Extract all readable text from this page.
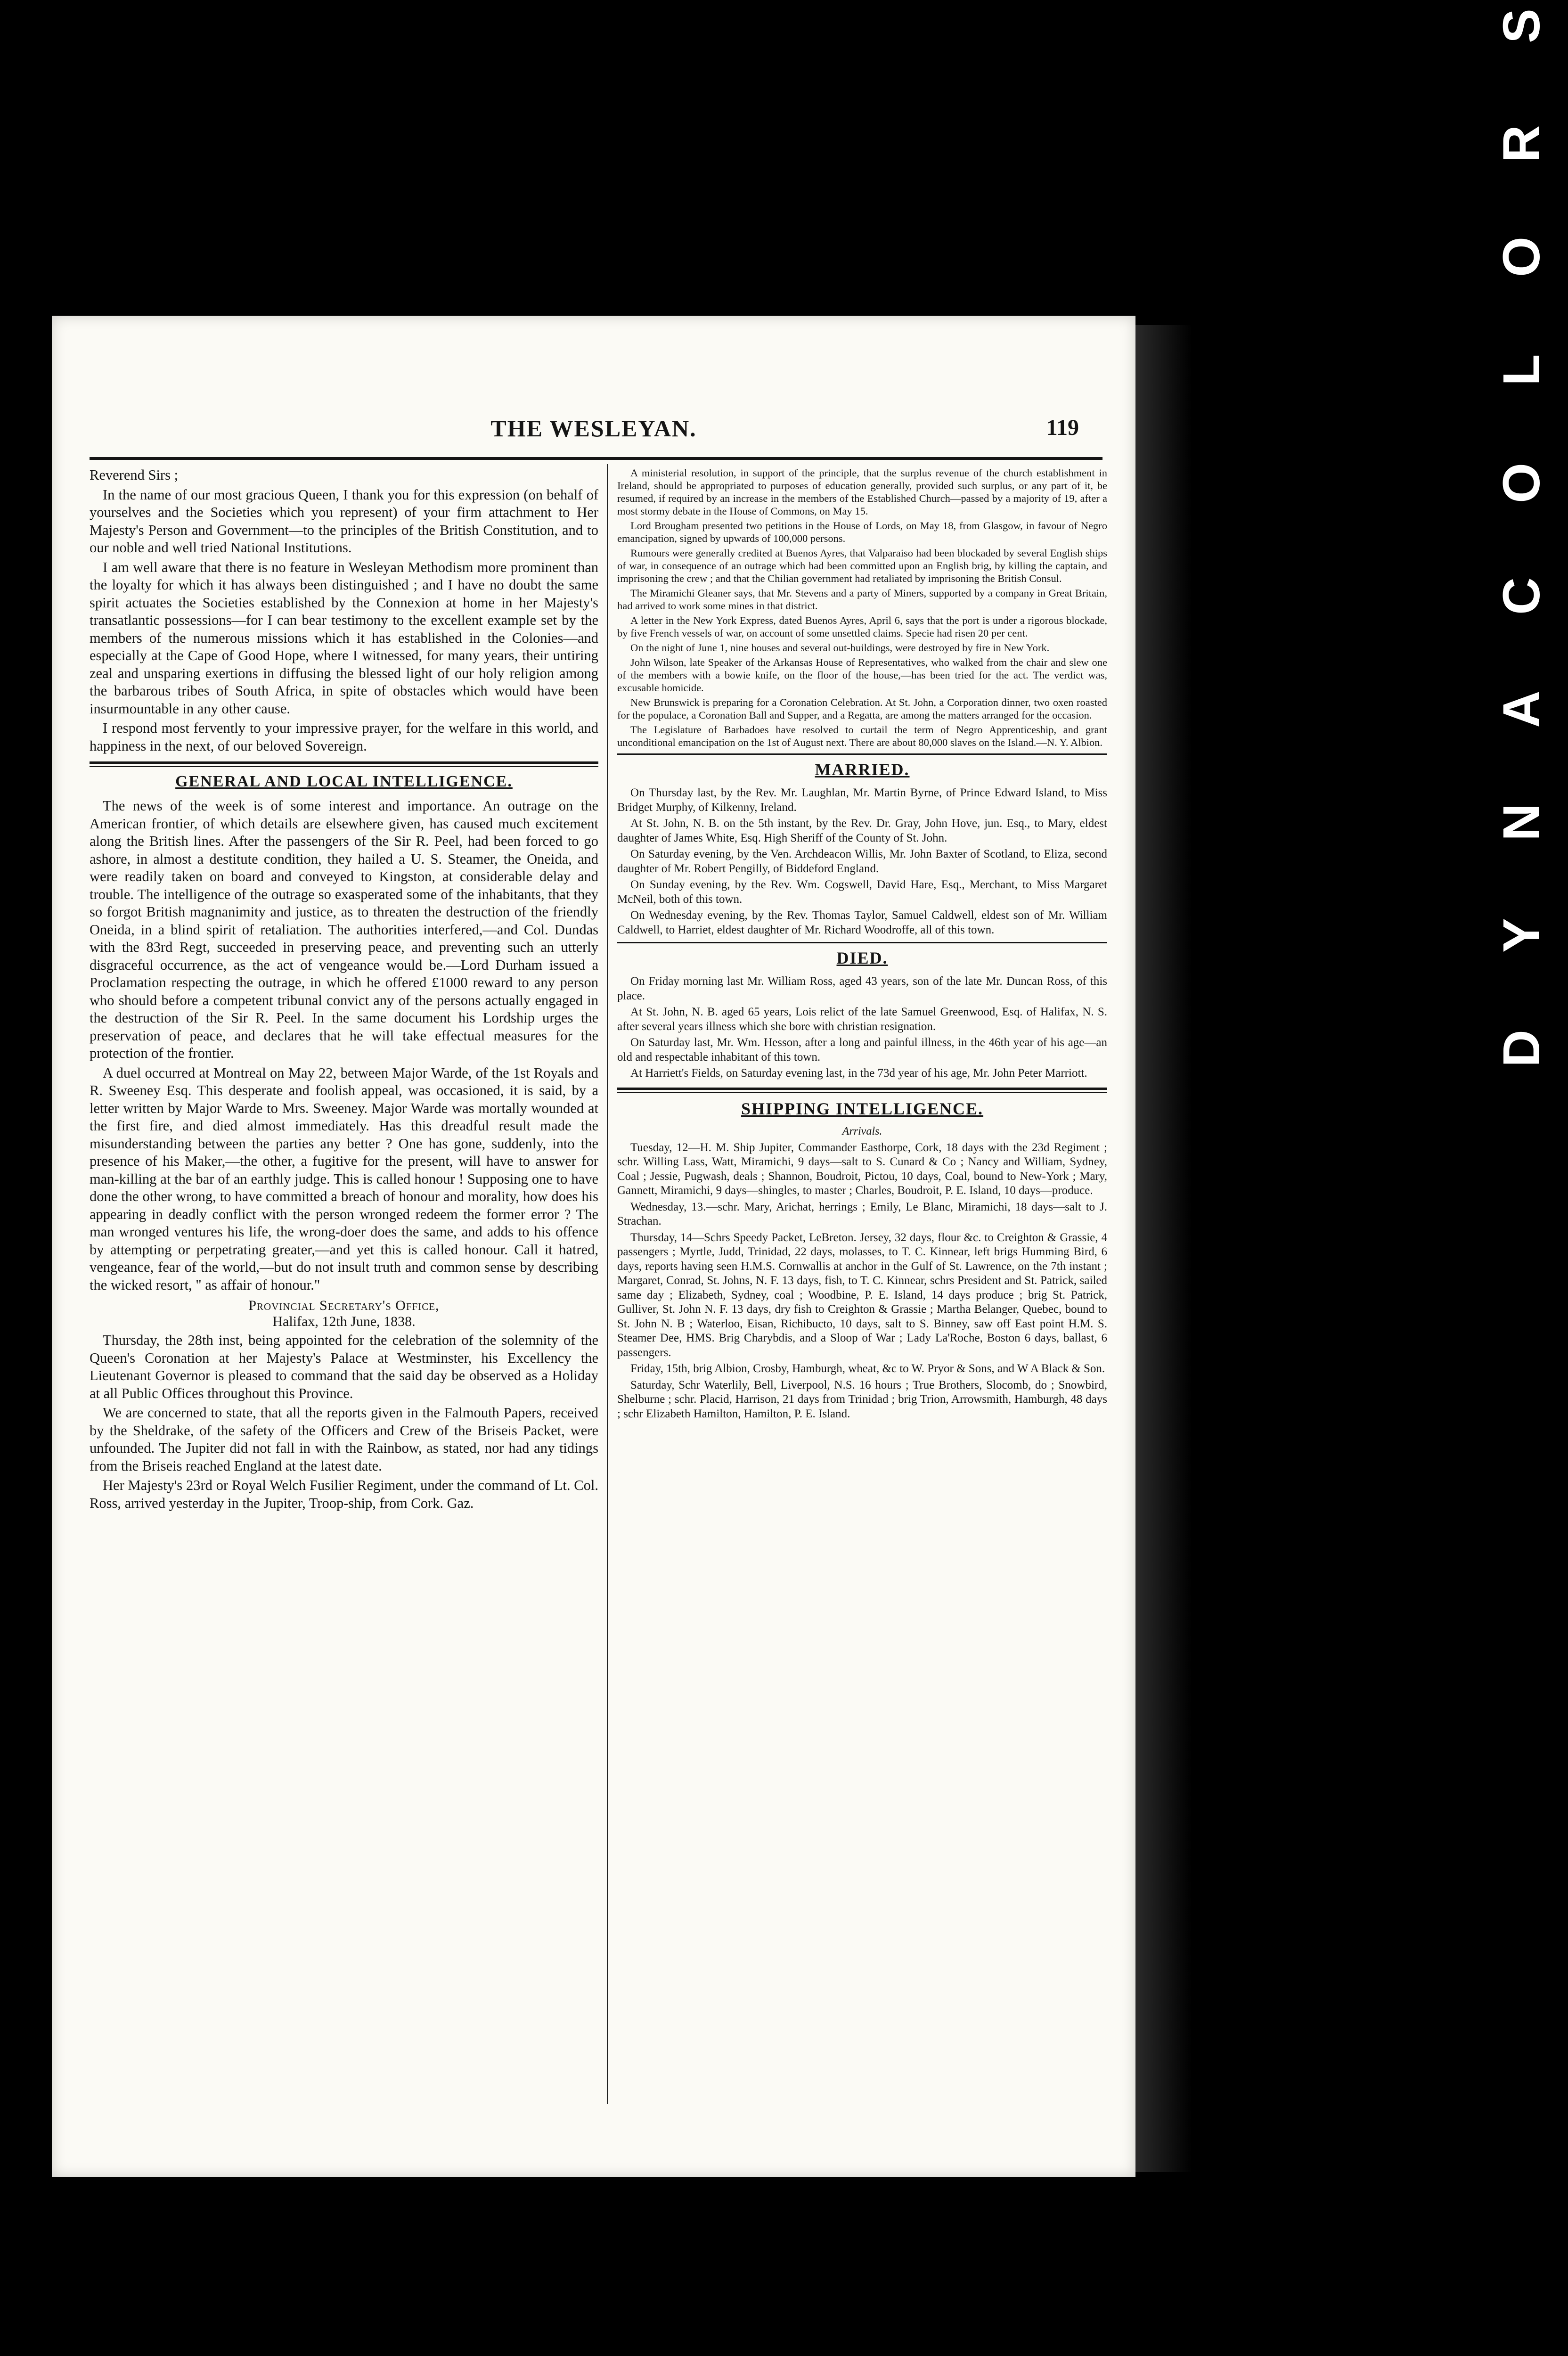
THE WESLEYAN.	119

Reverend Sirs ;

In the name of our most gracious Queen, I thank you for this expression (on behalf of yourselves and the Societies which you represent) of your firm attachment to Her Majesty's Person and Government—to the principles of the British Constitution, and to our noble and well tried National Institutions.

I am well aware that there is no feature in Wesleyan Methodism more prominent than the loyalty for which it has always been distinguished ; and I have no doubt the same spirit actuates the Societies established by the Connexion at home in her Majesty's transatlantic possessions—for I can bear testimony to the excellent example set by the members of the numerous missions which it has established in the Colonies—and especially at the Cape of Good Hope, where I witnessed, for many years, their untiring zeal and unsparing exertions in diffusing the blessed light of our holy religion among the barbarous tribes of South Africa, in spite of obstacles which would have been insurmountable in any other cause.

I respond most fervently to your impressive prayer, for the welfare in this world, and happiness in the next, of our beloved Sovereign.

GENERAL AND LOCAL INTELLIGENCE.

The news of the week is of some interest and importance. An outrage on the American frontier, of which details are elsewhere given, has caused much excitement along the British lines. After the passengers of the Sir R. Peel, had been forced to go ashore, in almost a destitute condition, they hailed a U. S. Steamer, the Oneida, and were readily taken on board and conveyed to Kingston, at considerable delay and trouble. The intelligence of the outrage so exasperated some of the inhabitants, that they so forgot British magnanimity and justice, as to threaten the destruction of the friendly Oneida, in a blind spirit of retaliation. The authorities interfered,—and Col. Dundas with the 83rd Regt, succeeded in preserving peace, and preventing such an utterly disgraceful occurrence, as the act of vengeance would be.—Lord Durham issued a Proclamation respecting the outrage, in which he offered £1000 reward to any person who should before a competent tribunal convict any of the persons actually engaged in the destruction of the Sir R. Peel. In the same document his Lordship urges the preservation of peace, and declares that he will take effectual measures for the protection of the frontier.

A duel occurred at Montreal on May 22, between Major Warde, of the 1st Royals and R. Sweeney Esq. This desperate and foolish appeal, was occasioned, it is said, by a letter written by Major Warde to Mrs. Sweeney. Major Warde was mortally wounded at the first fire, and died almost immediately. Has this dreadful result made the misunderstanding between the parties any better ? One has gone, suddenly, into the presence of his Maker,—the other, a fugitive for the present, will have to answer for man-killing at the bar of an earthly judge. This is called honour ! Supposing one to have done the other wrong, to have committed a breach of honour and morality, how does his appearing in deadly conflict with the person wronged redeem the former error ? The man wronged ventures his life, the wrong-doer does the same, and adds to his offence by attempting or perpetrating greater,—and yet this is called honour. Call it hatred, vengeance, fear of the world,—but do not insult truth and common sense by describing the wicked resort, " as affair of honour."

Provincial Secretary's Office,
Halifax, 12th June, 1838.

Thursday, the 28th inst, being appointed for the celebration of the solemnity of the Queen's Coronation at her Majesty's Palace at Westminster, his Excellency the Lieutenant Governor is pleased to command that the said day be observed as a Holiday at all Public Offices throughout this Province.

We are concerned to state, that all the reports given in the Falmouth Papers, received by the Sheldrake, of the safety of the Officers and Crew of the Briseis Packet, were unfounded. The Jupiter did not fall in with the Rainbow, as stated, nor had any tidings from the Briseis reached England at the latest date.

Her Majesty's 23rd or Royal Welch Fusilier Regiment, under the command of Lt. Col. Ross, arrived yesterday in the Jupiter, Troop-ship, from Cork. Gaz.

A ministerial resolution, in support of the principle, that the surplus revenue of the church establishment in Ireland, should be appropriated to purposes of education generally, provided such surplus, or any part of it, be resumed, if required by an increase in the members of the Established Church—passed by a majority of 19, after a most stormy debate in the House of Commons, on May 15.

Lord Brougham presented two petitions in the House of Lords, on May 18, from Glasgow, in favour of Negro emancipation, signed by upwards of 100,000 persons.

Rumours were generally credited at Buenos Ayres, that Valparaiso had been blockaded by several English ships of war, in consequence of an outrage which had been committed upon an English brig, by killing the captain, and imprisoning the crew ; and that the Chilian government had retaliated by imprisoning the British Consul.

The Miramichi Gleaner says, that Mr. Stevens and a party of Miners, supported by a company in Great Britain, had arrived to work some mines in that district.

A letter in the New York Express, dated Buenos Ayres, April 6, says that the port is under a rigorous blockade, by five French vessels of war, on account of some unsettled claims. Specie had risen 20 per cent.

On the night of June 1, nine houses and several out-buildings, were destroyed by fire in New York.

John Wilson, late Speaker of the Arkansas House of Representatives, who walked from the chair and slew one of the members with a bowie knife, on the floor of the house,—has been tried for the act. The verdict was, excusable homicide.

New Brunswick is preparing for a Coronation Celebration. At St. John, a Corporation dinner, two oxen roasted for the populace, a Coronation Ball and Supper, and a Regatta, are among the matters arranged for the occasion.

The Legislature of Barbadoes have resolved to curtail the term of Negro Apprenticeship, and grant unconditional emancipation on the 1st of August next. There are about 80,000 slaves on the Island.—N. Y. Albion.

MARRIED.

On Thursday last, by the Rev. Mr. Laughlan, Mr. Martin Byrne, of Prince Edward Island, to Miss Bridget Murphy, of Kilkenny, Ireland.

At St. John, N. B. on the 5th instant, by the Rev. Dr. Gray, John Hove, jun. Esq., to Mary, eldest daughter of James White, Esq. High Sheriff of the County of St. John.

On Saturday evening, by the Ven. Archdeacon Willis, Mr. John Baxter of Scotland, to Eliza, second daughter of Mr. Robert Pengilly, of Biddeford England.

On Sunday evening, by the Rev. Wm. Cogswell, David Hare, Esq., Merchant, to Miss Margaret McNeil, both of this town.

On Wednesday evening, by the Rev. Thomas Taylor, Samuel Caldwell, eldest son of Mr. William Caldwell, to Harriet, eldest daughter of Mr. Richard Woodroffe, all of this town.

DIED.

On Friday morning last Mr. William Ross, aged 43 years, son of the late Mr. Duncan Ross, of this place.

At St. John, N. B. aged 65 years, Lois relict of the late Samuel Greenwood, Esq. of Halifax, N. S. after several years illness which she bore with christian resignation.

On Saturday last, Mr. Wm. Hesson, after a long and painful illness, in the 46th year of his age—an old and respectable inhabitant of this town.

At Harriett's Fields, on Saturday evening last, in the 73d year of his age, Mr. John Peter Marriott.

SHIPPING INTELLIGENCE.
Arrivals.

Tuesday, 12—H. M. Ship Jupiter, Commander Easthorpe, Cork, 18 days with the 23d Regiment ; schr. Willing Lass, Watt, Miramichi, 9 days—salt to S. Cunard & Co ; Nancy and William, Sydney, Coal ; Jessie, Pugwash, deals ; Shannon, Boudroit, Pictou, 10 days, Coal, bound to New-York ; Mary, Gannett, Miramichi, 9 days—shingles, to master ; Charles, Boudroit, P. E. Island, 10 days—produce.

Wednesday, 13.—schr. Mary, Arichat, herrings ; Emily, Le Blanc, Miramichi, 18 days—salt to J. Strachan.

Thursday, 14—Schrs Speedy Packet, LeBreton. Jersey, 32 days, flour &c. to Creighton & Grassie, 4 passengers ; Myrtle, Judd, Trinidad, 22 days, molasses, to T. C. Kinnear, left brigs Humming Bird, 6 days, reports having seen H.M.S. Cornwallis at anchor in the Gulf of St. Lawrence, on the 7th instant ; Margaret, Conrad, St. Johns, N. F. 13 days, fish, to T. C. Kinnear, schrs President and St. Patrick, sailed same day ; Elizabeth, Sydney, coal ; Woodbine, P. E. Island, 14 days produce ; brig St. Patrick, Gulliver, St. John N. F. 13 days, dry fish to Creighton & Grassie ; Martha Belanger, Quebec, bound to St. John N. B ; Waterloo, Eisan, Richibucto, 10 days, salt to S. Binney, saw off East point H.M. S. Steamer Dee, HMS. Brig Charybdis, and a Sloop of War ; Lady La'Roche, Boston 6 days, ballast, 6 passengers.

Friday, 15th, brig Albion, Crosby, Hamburgh, wheat, &c to W. Pryor & Sons, and W A Black & Son.

Saturday, Schr Waterlily, Bell, Liverpool, N.S. 16 hours ; True Brothers, Slocomb, do ; Snowbird, Shelburne ; schr. Placid, Harrison, 21 days from Trinidad ; brig Trion, Arrowsmith, Hamburgh, 48 days ; schr Elizabeth Hamilton, Hamilton, P. E. Island.

S
R
O
L
O
C
A
N
Y
D
